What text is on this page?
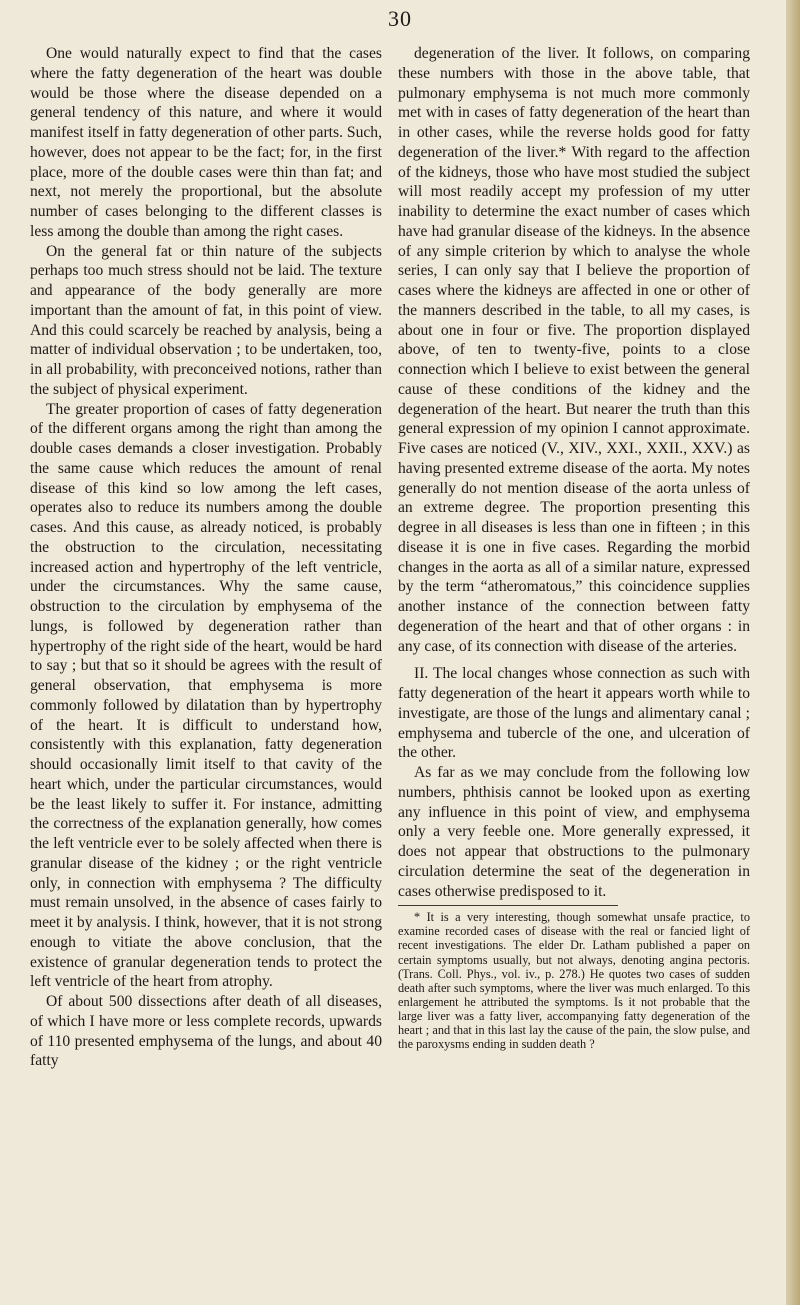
30

One would naturally expect to find that the cases where the fatty degeneration of the heart was double would be those where the disease depended on a general tendency of this nature, and where it would manifest itself in fatty degeneration of other parts. Such, however, does not appear to be the fact; for, in the first place, more of the double cases were thin than fat; and next, not merely the proportional, but the absolute number of cases belonging to the different classes is less among the double than among the right cases.

On the general fat or thin nature of the subjects perhaps too much stress should not be laid. The texture and appearance of the body generally are more important than the amount of fat, in this point of view. And this could scarcely be reached by analysis, being a matter of individual observation ; to be undertaken, too, in all probability, with preconceived notions, rather than the subject of physical experiment.

The greater proportion of cases of fatty degeneration of the different organs among the right than among the double cases demands a closer investigation. Probably the same cause which reduces the amount of renal disease of this kind so low among the left cases, operates also to reduce its numbers among the double cases. And this cause, as already noticed, is probably the obstruction to the circulation, necessitating increased action and hypertrophy of the left ventricle, under the circumstances. Why the same cause, obstruction to the circulation by emphysema of the lungs, is followed by degeneration rather than hypertrophy of the right side of the heart, would be hard to say ; but that so it should be agrees with the result of general observation, that emphysema is more commonly followed by dilatation than by hypertrophy of the heart. It is difficult to understand how, consistently with this explanation, fatty degeneration should occasionally limit itself to that cavity of the heart which, under the particular circumstances, would be the least likely to suffer it. For instance, admitting the correctness of the explanation generally, how comes the left ventricle ever to be solely affected when there is granular disease of the kidney ; or the right ventricle only, in connection with emphysema ? The difficulty must remain unsolved, in the absence of cases fairly to meet it by analysis. I think, however, that it is not strong enough to vitiate the above conclusion, that the existence of granular degeneration tends to protect the left ventricle of the heart from atrophy.

Of about 500 dissections after death of all diseases, of which I have more or less complete records, upwards of 110 presented emphysema of the lungs, and about 40 fatty

degeneration of the liver. It follows, on comparing these numbers with those in the above table, that pulmonary emphysema is not much more commonly met with in cases of fatty degeneration of the heart than in other cases, while the reverse holds good for fatty degeneration of the liver.* With regard to the affection of the kidneys, those who have most studied the subject will most readily accept my profession of my utter inability to determine the exact number of cases which have had granular disease of the kidneys. In the absence of any simple criterion by which to analyse the whole series, I can only say that I believe the proportion of cases where the kidneys are affected in one or other of the manners described in the table, to all my cases, is about one in four or five. The proportion displayed above, of ten to twenty-five, points to a close connection which I believe to exist between the general cause of these conditions of the kidney and the degeneration of the heart. But nearer the truth than this general expression of my opinion I cannot approximate. Five cases are noticed (V., XIV., XXI., XXII., XXV.) as having presented extreme disease of the aorta. My notes generally do not mention disease of the aorta unless of an extreme degree. The proportion presenting this degree in all diseases is less than one in fifteen ; in this disease it is one in five cases. Regarding the morbid changes in the aorta as all of a similar nature, expressed by the term “atheromatous,” this coincidence supplies another instance of the connection between fatty degeneration of the heart and that of other organs : in any case, of its connection with disease of the arteries.

II. The local changes whose connection as such with fatty degeneration of the heart it appears worth while to investigate, are those of the lungs and alimentary canal ; emphysema and tubercle of the one, and ulceration of the other.

As far as we may conclude from the following low numbers, phthisis cannot be looked upon as exerting any influence in this point of view, and emphysema only a very feeble one. More generally expressed, it does not appear that obstructions to the pulmonary circulation determine the seat of the degeneration in cases otherwise predisposed to it.

* It is a very interesting, though somewhat unsafe practice, to examine recorded cases of disease with the real or fancied light of recent investigations. The elder Dr. Latham published a paper on certain symptoms usually, but not always, denoting angina pectoris. (Trans. Coll. Phys., vol. iv., p. 278.) He quotes two cases of sudden death after such symptoms, where the liver was much enlarged. To this enlargement he attributed the symptoms. Is it not probable that the large liver was a fatty liver, accompanying fatty degeneration of the heart ; and that in this last lay the cause of the pain, the slow pulse, and the paroxysms ending in sudden death ?
